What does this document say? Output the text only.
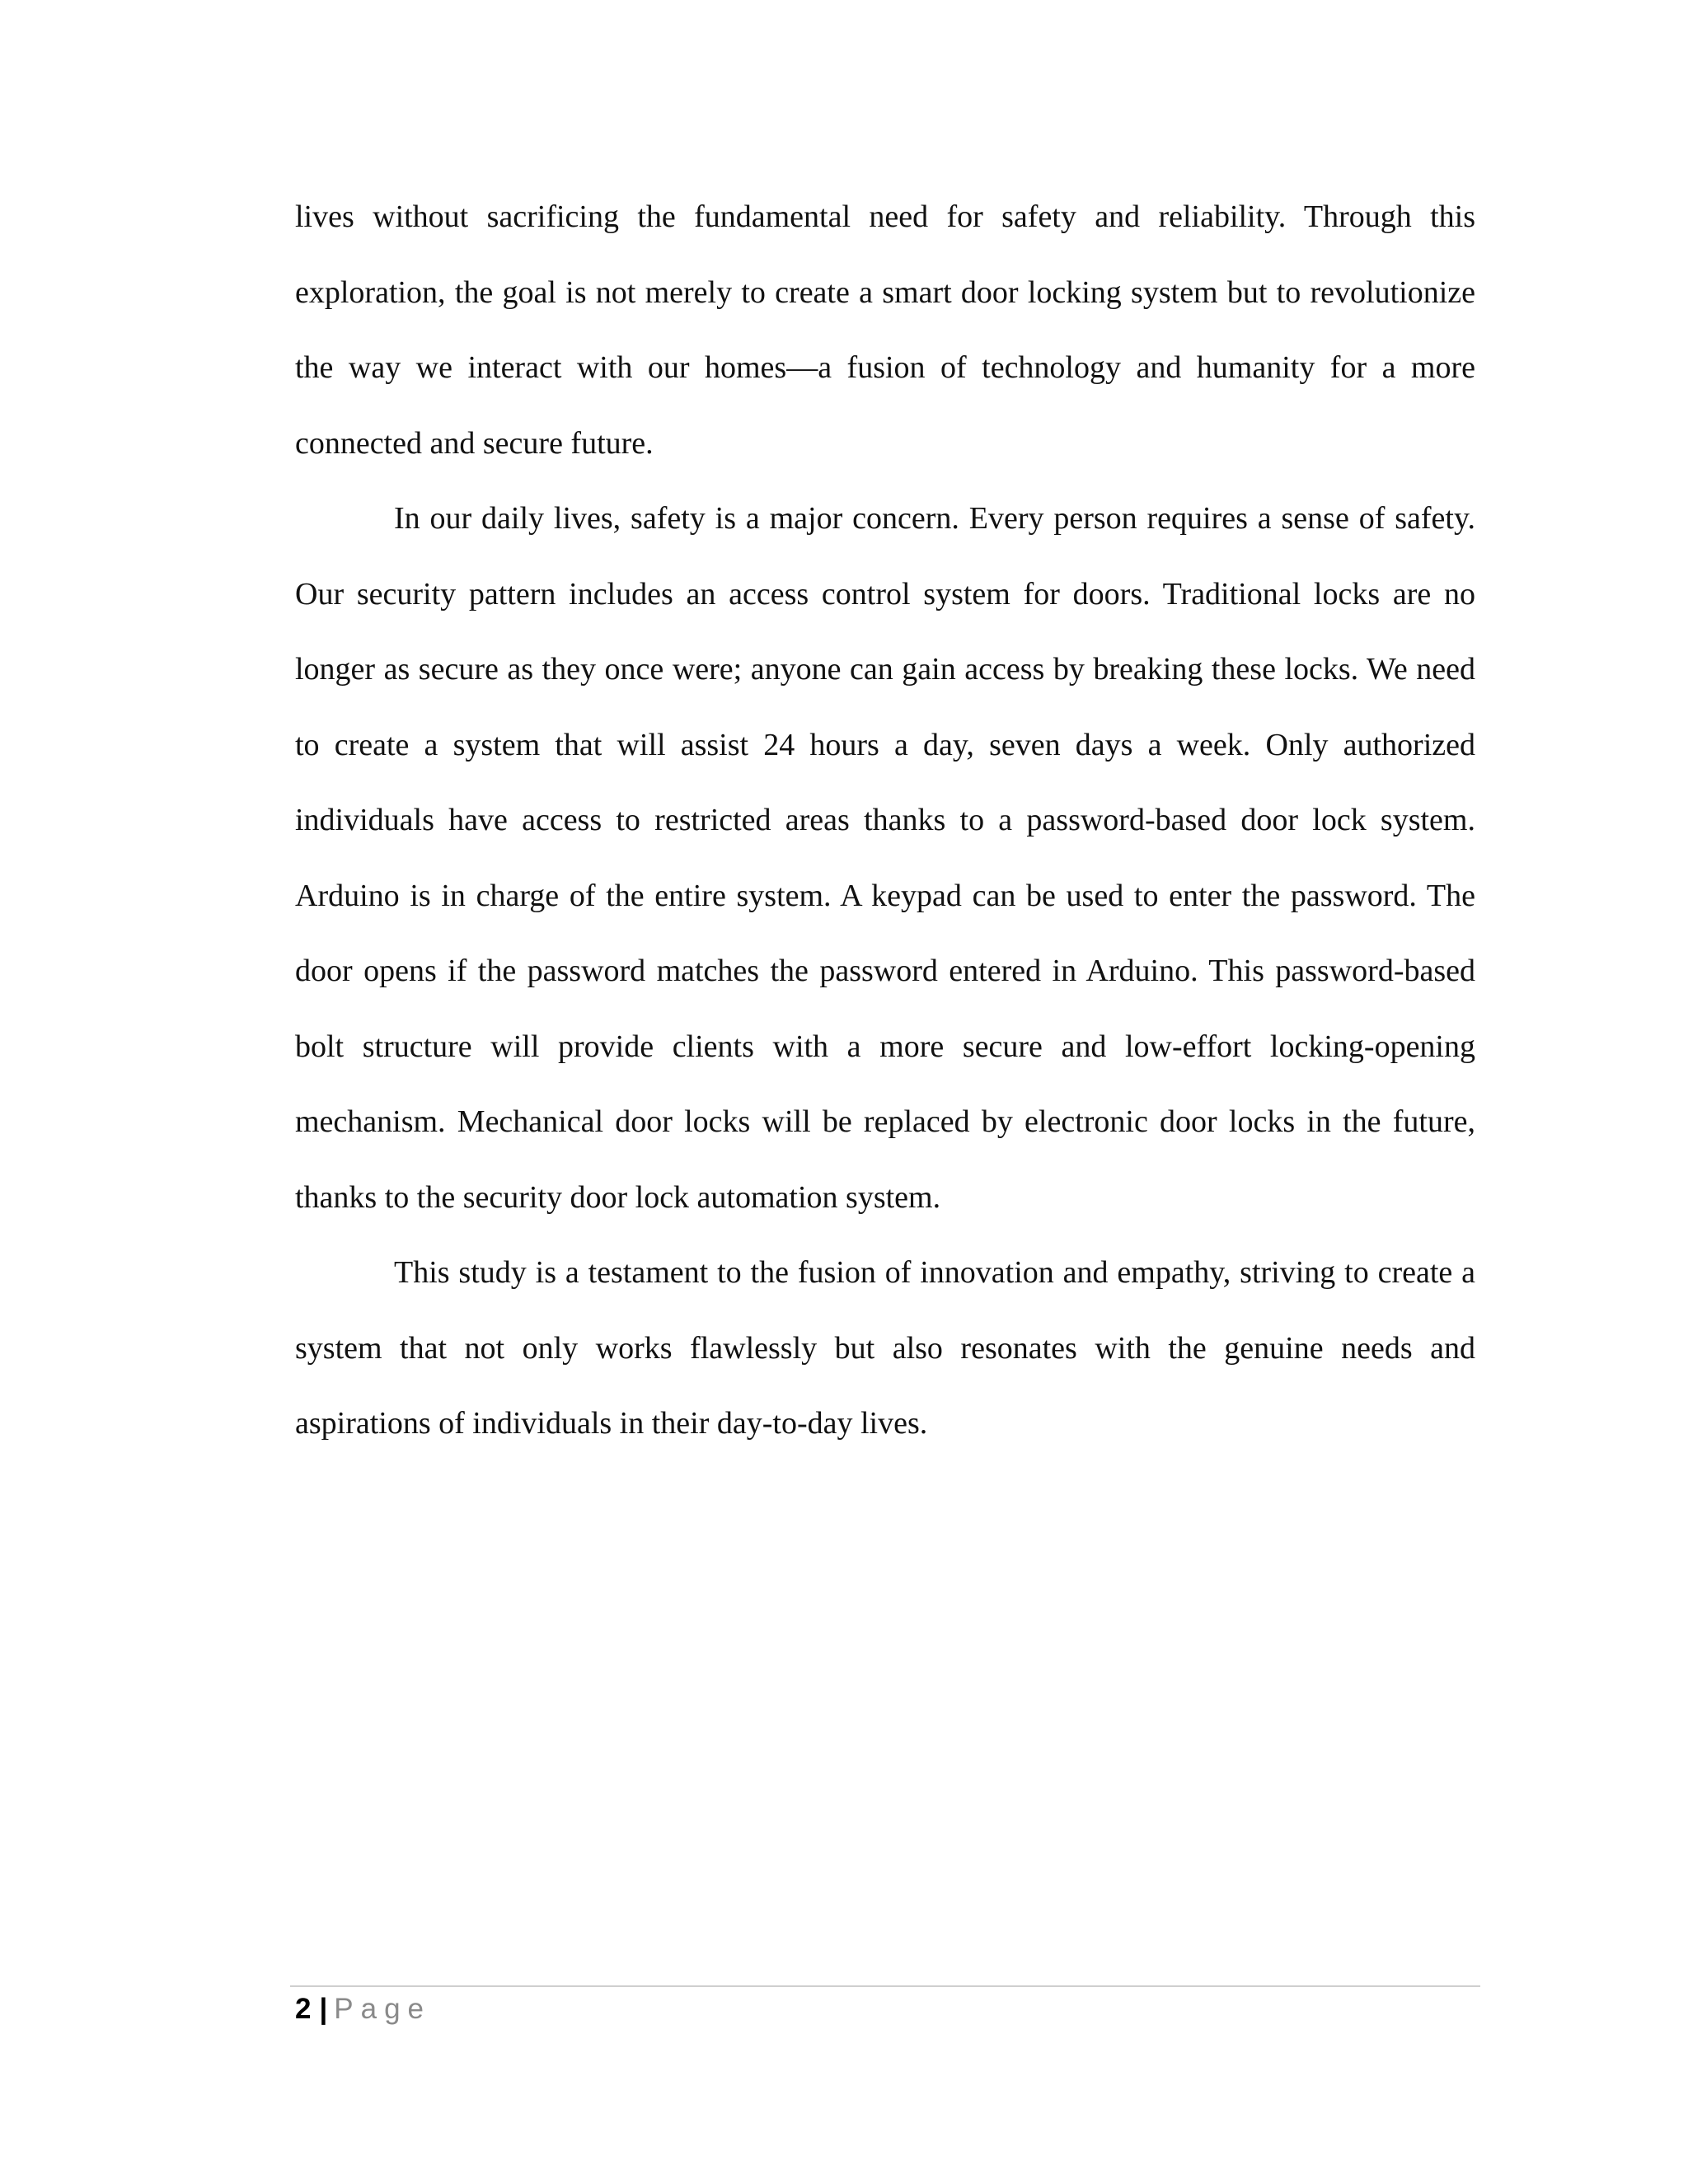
lives without sacrificing the fundamental need for safety and reliability. Through this exploration, the goal is not merely to create a smart door locking system but to revolutionize the way we interact with our homes—a fusion of technology and humanity for a more connected and secure future.

In our daily lives, safety is a major concern. Every person requires a sense of safety. Our security pattern includes an access control system for doors. Traditional locks are no longer as secure as they once were; anyone can gain access by breaking these locks. We need to create a system that will assist 24 hours a day, seven days a week. Only authorized individuals have access to restricted areas thanks to a password-based door lock system. Arduino is in charge of the entire system. A keypad can be used to enter the password. The door opens if the password matches the password entered in Arduino. This password-based bolt structure will provide clients with a more secure and low-effort locking-opening mechanism. Mechanical door locks will be replaced by electronic door locks in the future, thanks to the security door lock automation system.

This study is a testament to the fusion of innovation and empathy, striving to create a system that not only works flawlessly but also resonates with the genuine needs and aspirations of individuals in their day-to-day lives.

2 | Page
